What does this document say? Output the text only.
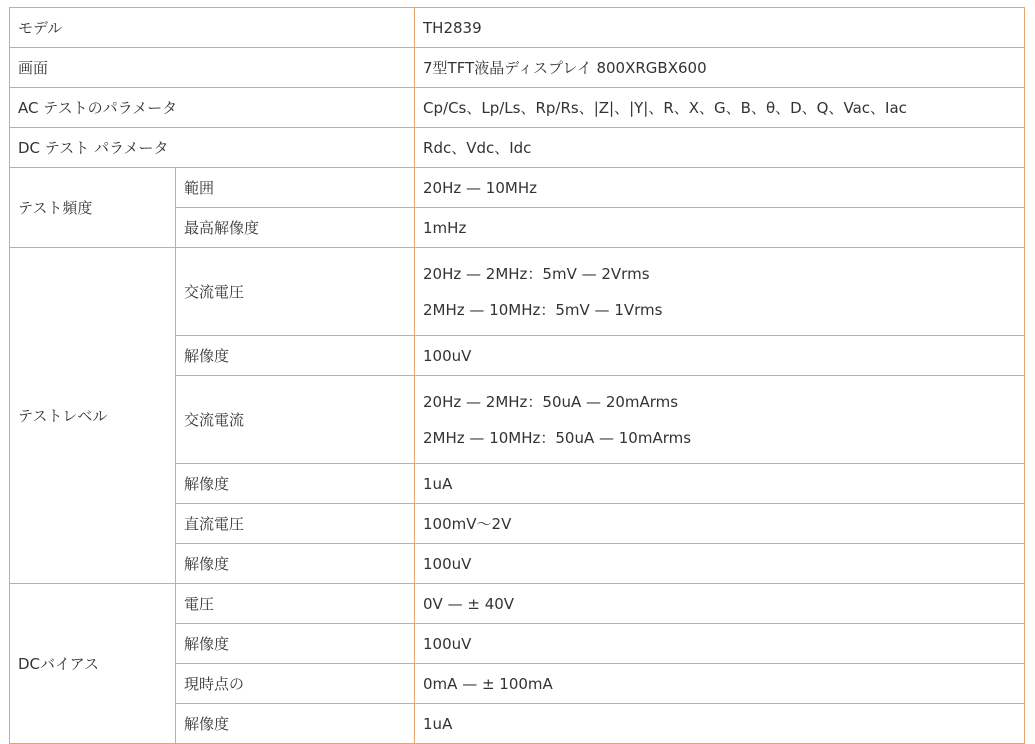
モデル		TH2839
画面		7型TFT液晶ディスプレイ 800XRGBX600
AC テストのパラメータ		Cp/Cs、Lp/Ls、Rp/Rs、|Z|、|Y|、R、X、G、B、θ、D、Q、Vac、Iac
DC テスト パラメータ		Rdc、Vdc、Idc
テスト頻度	範囲	20Hz — 10MHz
	最高解像度	1mHz
テストレベル	交流電圧	20Hz — 2MHz：5mV — 2Vrms
2MHz — 10MHz：5mV — 1Vrms

	解像度	100uV
	交流電流	20Hz — 2MHz：50uA — 20mArms
2MHz — 10MHz：50uA — 10mArms

	解像度	1uA
	直流電圧	100mV～2V
	解像度	100uV
DCバイアス	電圧	0V — ± 40V
	解像度	100uV
	現時点の	0mA — ± 100mA
	解像度	1uA
